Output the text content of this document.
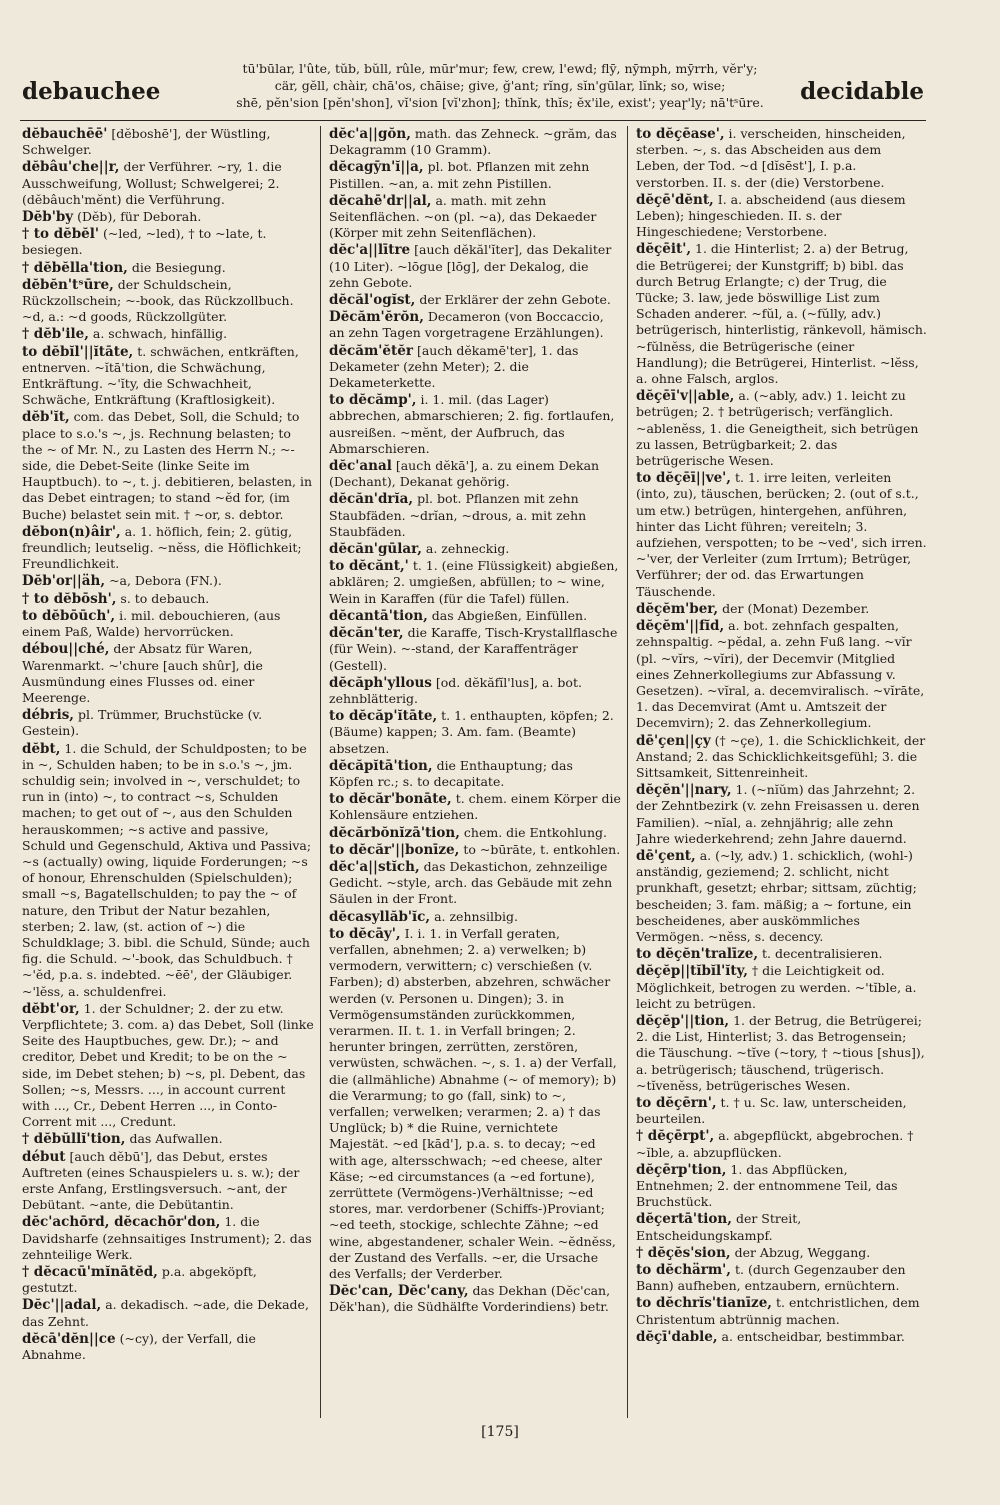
debauchee
tū'būlar, l'ûte, tŭb, bŭll, rûle, mūr'mur; few, crew, l'ewd; flȳ, nȳmph, mȳrrh, vĕr'y;
cär, gĕll, chàir, chā'os, chāise; give, ğ'ant; rĭng, sĭn'gūlar, lĭnk; so, wise;
shē, pĕn'sion [pĕn'shon], vĭ'sion [vĭ'zhon]; thĭnk, thĭs; ĕx'ile, exist'; yeaɼ'ly; nā'tˢūre.	decidable

dĕbauchēē' [dĕboshē'], der Wüstling, Schwelger.

dĕbâu'che||r, der Verführer. ~ry, 1. die Ausschweifung, Wollust; Schwelgerei; 2. (dĕbâuch'mĕnt) die Verführung.

Dĕb'by (Dĕb), für Deborah.

† to dĕbĕl' (~led, ~led), † to ~late, t. besiegen.

† dĕbĕlla'tion, die Besiegung.

dĕbĕn'tˢūre, der Schuldschein, Rückzollschein; ~-book, das Rückzollbuch. ~d, a.: ~d goods, Rückzollgüter.

† dĕb'ile, a. schwach, hinfällig.

to dĕbĭl'||ĭtāte, t. schwächen, entkräften, entnerven. ~ĭtā'tion, die Schwächung, Entkräftung. ~'ĭty, die Schwachheit, Schwäche, Entkräftung (Kraftlosigkeit).

dĕb'ĭt, com. das Debet, Soll, die Schuld; to place to s.o.'s ~, js. Rechnung belasten; to the ~ of Mr. N., zu Lasten des Herrn N.; ~-side, die Debet-Seite (linke Seite im Hauptbuch). to ~, t. j. debitieren, belasten, in das Debet eintragen; to stand ~ĕd for, (im Buche) belastet sein mit. † ~or, s. debtor.

dĕbon(n)âir', a. 1. höflich, fein; 2. gütig, freundlich; leutselig. ~nĕss, die Höflichkeit; Freundlichkeit.

Dĕb'or||äh, ~a, Debora (FN.).

† to dĕbōsh', s. to debauch.

to dĕbōūch', i. mil. debouchieren, (aus einem Paß, Walde) hervorrücken.

débou||ché, der Absatz für Waren, Warenmarkt. ~'chure [auch shûr], die Ausmündung eines Flusses od. einer Meerenge.

débris, pl. Trümmer, Bruchstücke (v. Gestein).

dĕbt, 1. die Schuld, der Schuldposten; to be in ~, Schulden haben; to be in s.o.'s ~, jm. schuldig sein; involved in ~, verschuldet; to run in (into) ~, to contract ~s, Schulden machen; to get out of ~, aus den Schulden herauskommen; ~s active and passive, Schuld und Gegenschuld, Aktiva und Passiva; ~s (actually) owing, liquide Forderungen; ~s of honour, Ehrenschulden (Spielschulden); small ~s, Bagatellschulden; to pay the ~ of nature, den Tribut der Natur bezahlen, sterben; 2. law, (st. action of ~) die Schuldklage; 3. bibl. die Schuld, Sünde; auch fig. die Schuld. ~'-book, das Schuldbuch. † ~'ĕd, p.a. s. indebted. ~ēē', der Gläubiger. ~'lĕss, a. schuldenfrei.

dĕbt'or, 1. der Schuldner; 2. der zu etw. Verpflichtete; 3. com. a) das Debet, Soll (linke Seite des Hauptbuches, gew. Dr.); ~ and creditor, Debet und Kredit; to be on the ~ side, im Debet stehen; b) ~s, pl. Debent, das Sollen; ~s, Messrs. ..., in account current with ..., Cr., Debent Herren ..., in Conto-Corrent mit ..., Credunt.

† dĕbŭllĭ'tion, das Aufwallen.

début [auch dĕbū'], das Debut, erstes Auftreten (eines Schauspielers u. s. w.); der erste Anfang, Erstlingsversuch. ~ant, der Debütant. ~ante, die Debütantin.

dĕc'achōrd, dĕcachōr'don, 1. die Davidsharfe (zehnsaitiges Instrument); 2. das zehnteilige Werk.

† dĕcacū'mĭnātĕd, p.a. abgeköpft, gestutzt.

Dĕc'||adal, a. dekadisch. ~ade, die Dekade, das Zehnt.

dĕcā'dĕn||ce (~cy), der Verfall, die Abnahme.

dĕc'a||gŏn, math. das Zehneck. ~grăm, das Dekagramm (10 Gramm).

dĕcagȳn'ĭ||a, pl. bot. Pflanzen mit zehn Pistillen. ~an, a. mit zehn Pistillen.

dĕcahē'dr||al, a. math. mit zehn Seitenflächen. ~on (pl. ~a), das Dekaeder (Körper mit zehn Seitenflächen).

dĕc'a||lītre [auch dĕkăl'ĭter], das Dekaliter (10 Liter). ~lōgue [lōg], der Dekalog, die zehn Gebote.

dĕcăl'ogĭst, der Erklärer der zehn Gebote.

Dĕcăm'ĕrŏn, Decameron (von Boccaccio, an zehn Tagen vorgetragene Erzählungen).

dĕcăm'ĕtĕr [auch dĕkamē'ter], 1. das Dekameter (zehn Meter); 2. die Dekameterkette.

to dĕcămp', i. 1. mil. (das Lager) abbrechen, abmarschieren; 2. fig. fortlaufen, ausreißen. ~mĕnt, der Aufbruch, das Abmarschieren.

dĕc'anal [auch dĕkā'], a. zu einem Dekan (Dechant), Dekanat gehörig.

dĕcăn'drĭa, pl. bot. Pflanzen mit zehn Staubfäden. ~drĭan, ~drous, a. mit zehn Staubfäden.

dĕcăn'gūlar, a. zehneckig.

to dĕcănt,' t. 1. (eine Flüssigkeit) abgießen, abklären; 2. umgießen, abfüllen; to ~ wine, Wein in Karaffen (für die Tafel) füllen.

dĕcantā'tion, das Abgießen, Einfüllen.

dĕcăn'ter, die Karaffe, Tisch-Krystallflasche (für Wein). ~-stand, der Karaffenträger (Gestell).

dĕcăph'yllous [od. dĕkăfĭl'lus], a. bot. zehnblätterig.

to dĕcăp'ĭtāte, t. 1. enthaupten, köpfen; 2. (Bäume) kappen; 3. Am. fam. (Beamte) absetzen.

dĕcăpĭtā'tion, die Enthauptung; das Köpfen rc.; s. to decapitate.

to dĕcăr'bonāte, t. chem. einem Körper die Kohlensäure entziehen.

dĕcărbŏnĭzā'tion, chem. die Entkohlung.

to dĕcăr'||bonīze, to ~būrāte, t. entkohlen.

dĕc'a||stĭch, das Dekastichon, zehnzeilige Gedicht. ~style, arch. das Gebäude mit zehn Säulen in der Front.

dĕcasyllăb'ĭc, a. zehnsilbig.

to dĕcāy', I. i. 1. in Verfall geraten, verfallen, abnehmen; 2. a) verwelken; b) vermodern, verwittern; c) verschießen (v. Farben); d) absterben, abzehren, schwächer werden (v. Personen u. Dingen); 3. in Vermögensumständen zurückkommen, verarmen. II. t. 1. in Verfall bringen; 2. herunter bringen, zerrütten, zerstören, verwüsten, schwächen. ~, s. 1. a) der Verfall, die (allmähliche) Abnahme (~ of memory); b) die Verarmung; to go (fall, sink) to ~, verfallen; verwelken; verarmen; 2. a) † das Unglück; b) * die Ruine, vernichtete Majestät. ~ed [kād'], p.a. s. to decay; ~ed with age, altersschwach; ~ed cheese, alter Käse; ~ed circumstances (a ~ed fortune), zerrüttete (Vermögens-)Verhältnisse; ~ed stores, mar. verdorbener (Schiffs-)Proviant; ~ed teeth, stockige, schlechte Zähne; ~ed wine, abgestandener, schaler Wein. ~ĕdnĕss, der Zustand des Verfalls. ~er, die Ursache des Verfalls; der Verderber.

Dĕc'can, Dĕc'cany, das Dekhan (Dĕc'can, Dĕk'han), die Südhälfte Vorderindiens) betr.

to dĕçēase', i. verscheiden, hinscheiden, sterben. ~, s. das Abscheiden aus dem Leben, der Tod. ~d [dĭsēst'], I. p.a. verstorben. II. s. der (die) Verstorbene.

dĕçē'dĕnt, I. a. abscheidend (aus diesem Leben); hingeschieden. II. s. der Hingeschiedene; Verstorbene.

dĕçēit', 1. die Hinterlist; 2. a) der Betrug, die Betrügerei; der Kunstgriff; b) bibl. das durch Betrug Erlangte; c) der Trug, die Tücke; 3. law, jede böswillige List zum Schaden anderer. ~fŭl, a. (~fŭlly, adv.) betrügerisch, hinterlistig, ränkevoll, hämisch. ~fŭlnĕss, die Betrügerische (einer Handlung); die Betrügerei, Hinterlist. ~lĕss, a. ohne Falsch, arglos.

dĕçēī'v||able, a. (~ably, adv.) 1. leicht zu betrügen; 2. † betrügerisch; verfänglich. ~ablenĕss, 1. die Geneigtheit, sich betrügen zu lassen, Betrügbarkeit; 2. das betrügerische Wesen.

to dĕçēī||ve', t. 1. irre leiten, verleiten (into, zu), täuschen, berücken; 2. (out of s.t., um etw.) betrügen, hintergehen, anführen, hinter das Licht führen; vereiteln; 3. aufziehen, verspotten; to be ~ved', sich irren. ~'ver, der Verleiter (zum Irrtum); Betrüger, Verführer; der od. das Erwartungen Täuschende.

dĕçĕm'ber, der (Monat) Dezember.

dĕçĕm'||fĭd, a. bot. zehnfach gespalten, zehnspaltig. ~pĕdal, a. zehn Fuß lang. ~vĭr (pl. ~vĭrs, ~vĭri), der Decemvir (Mitglied eines Zehnerkollegiums zur Abfassung v. Gesetzen). ~vĭral, a. decemviralisch. ~vĭrāte, 1. das Decemvirat (Amt u. Amtszeit der Decemvirn); 2. das Zehnerkollegium.

dē'çen||çy († ~çe), 1. die Schicklichkeit, der Anstand; 2. das Schicklichkeitsgefühl; 3. die Sittsamkeit, Sittenreinheit.

dĕçĕn'||nary, 1. (~nĭŭm) das Jahrzehnt; 2. der Zehntbezirk (v. zehn Freisassen u. deren Familien). ~nĭal, a. zehnjährig; alle zehn Jahre wiederkehrend; zehn Jahre dauernd.

dē'çent, a. (~ly, adv.) 1. schicklich, (wohl-) anständig, geziemend; 2. schlicht, nicht prunkhaft, gesetzt; ehrbar; sittsam, züchtig; bescheiden; 3. fam. mäßig; a ~ fortune, ein bescheidenes, aber auskömmliches Vermögen. ~nĕss, s. decency.

to dĕçĕn'tralīze, t. decentralisieren.

dĕçĕp||tĭbĭl'ĭty, † die Leichtigkeit od. Möglichkeit, betrogen zu werden. ~'tĭble, a. leicht zu betrügen.

dĕçĕp'||tion, 1. der Betrug, die Betrügerei; 2. die List, Hinterlist; 3. das Betrogensein; die Täuschung. ~tĭve (~tory, † ~tious [shus]), a. betrügerisch; täuschend, trügerisch. ~tĭvenĕss, betrügerisches Wesen.

to dĕçērn', t. † u. Sc. law, unterscheiden, beurteilen.

† dĕçērpt', a. abgepflückt, abgebrochen. † ~ĭble, a. abzupflücken.

dĕçērp'tion, 1. das Abpflücken, Entnehmen; 2. der entnommene Teil, das Bruchstück.

dĕçertā'tion, der Streit, Entscheidungskampf.

† dĕçĕs'sion, der Abzug, Weggang.

to dĕchärm', t. (durch Gegenzauber den Bann) aufheben, entzaubern, ernüchtern.

to dĕchrĭs'tianīze, t. entchristlichen, dem Christentum abtrünnig machen.

dĕçī'dable, a. entscheidbar, bestimmbar.

[175]
